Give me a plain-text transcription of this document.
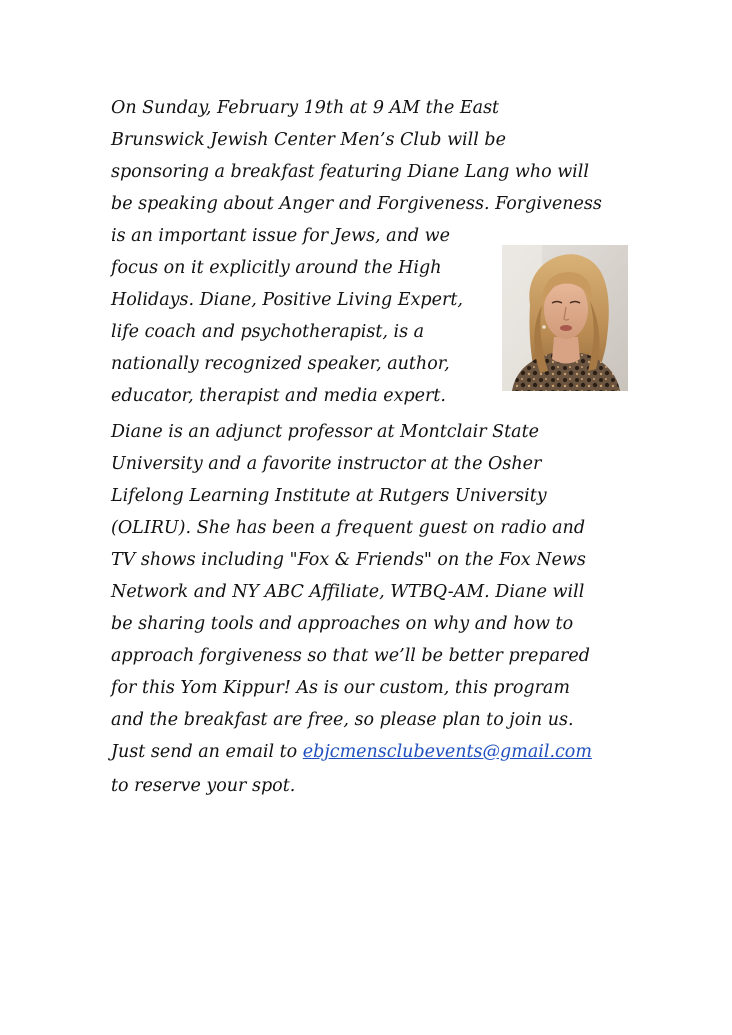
On Sunday, February 19th at 9 AM the East

Brunswick Jewish Center Men’s Club will be

sponsoring a breakfast featuring Diane Lang who will

be speaking about Anger and Forgiveness. Forgiveness

is an important issue for Jews, and we

focus on it explicitly around the High

Holidays. Diane, Positive Living Expert,

life coach and psychotherapist, is a

nationally recognized speaker, author,

educator, therapist and media expert.

Diane is an adjunct professor at Montclair State

University and a favorite instructor at the Osher

Lifelong Learning Institute at Rutgers University

(OLIRU). She has been a frequent guest on radio and

TV shows including "Fox & Friends" on the Fox News

Network and NY ABC Affiliate, WTBQ-AM. Diane will

be sharing tools and approaches on why and how to

approach forgiveness so that we’ll be better prepared

for this Yom Kippur! As is our custom, this program

and the breakfast are free, so please plan to join us.

Just send an email to ebjcmensclubevents@gmail.com

to reserve your spot.
